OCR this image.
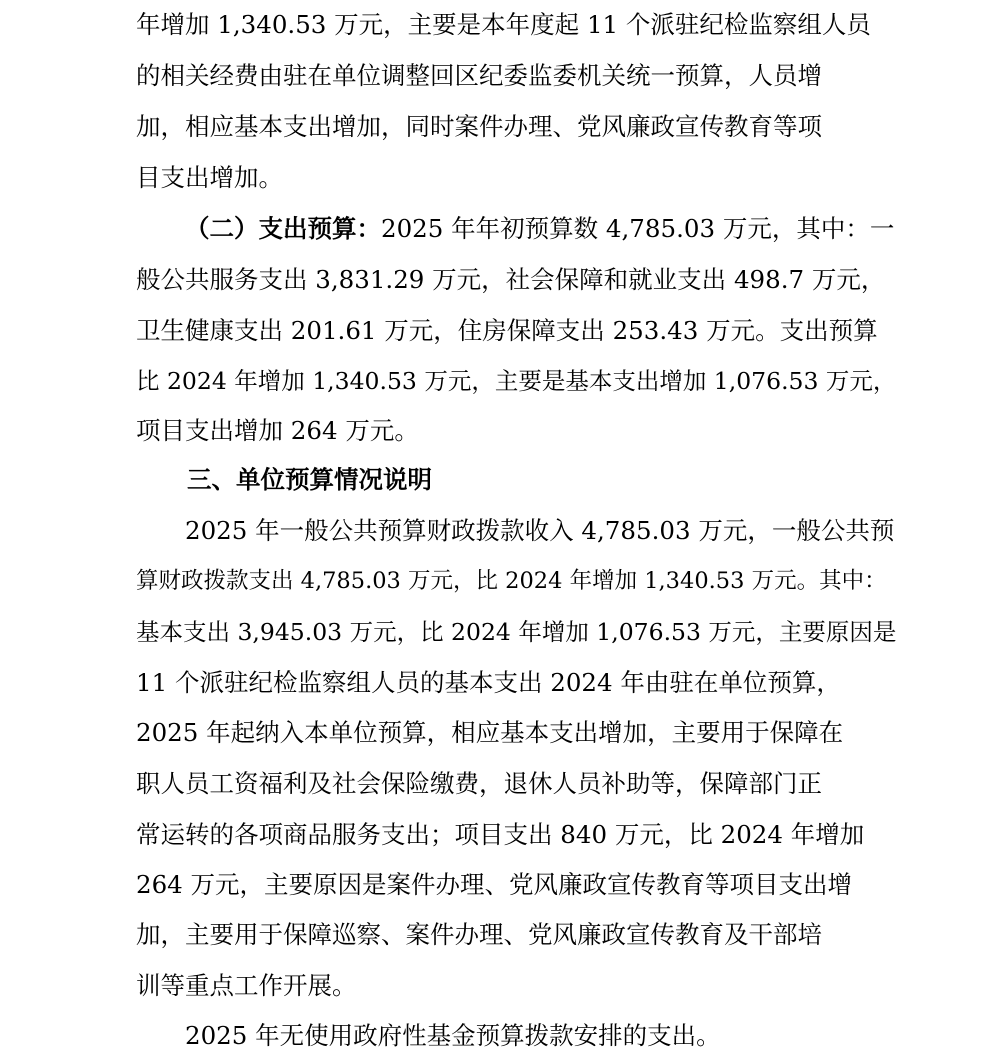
年增加 1,340.53 万元，主要是本年度起 11 个派驻纪检监察组人员
的相关经费由驻在单位调整回区纪委监委机关统一预算，人员增
加，相应基本支出增加，同时案件办理、党风廉政宣传教育等项
目支出增加。
（二）支出预算：2025 年年初预算数 4,785.03 万元，其中：一
般公共服务支出 3,831.29 万元，社会保障和就业支出 498.7 万元，
卫生健康支出 201.61 万元，住房保障支出 253.43 万元。支出预算
比 2024 年增加 1,340.53 万元，主要是基本支出增加 1,076.53 万元，
项目支出增加 264 万元。
三、单位预算情况说明
2025 年一般公共预算财政拨款收入 4,785.03 万元，一般公共预
算财政拨款支出 4,785.03 万元，比 2024 年增加 1,340.53 万元。其中：
基本支出 3,945.03 万元，比 2024 年增加 1,076.53 万元，主要原因是
11 个派驻纪检监察组人员的基本支出 2024 年由驻在单位预算，
2025 年起纳入本单位预算，相应基本支出增加，主要用于保障在
职人员工资福利及社会保险缴费，退休人员补助等，保障部门正
常运转的各项商品服务支出；项目支出 840 万元，比 2024 年增加
264 万元，主要原因是案件办理、党风廉政宣传教育等项目支出增
加，主要用于保障巡察、案件办理、党风廉政宣传教育及干部培
训等重点工作开展。
2025 年无使用政府性基金预算拨款安排的支出。
